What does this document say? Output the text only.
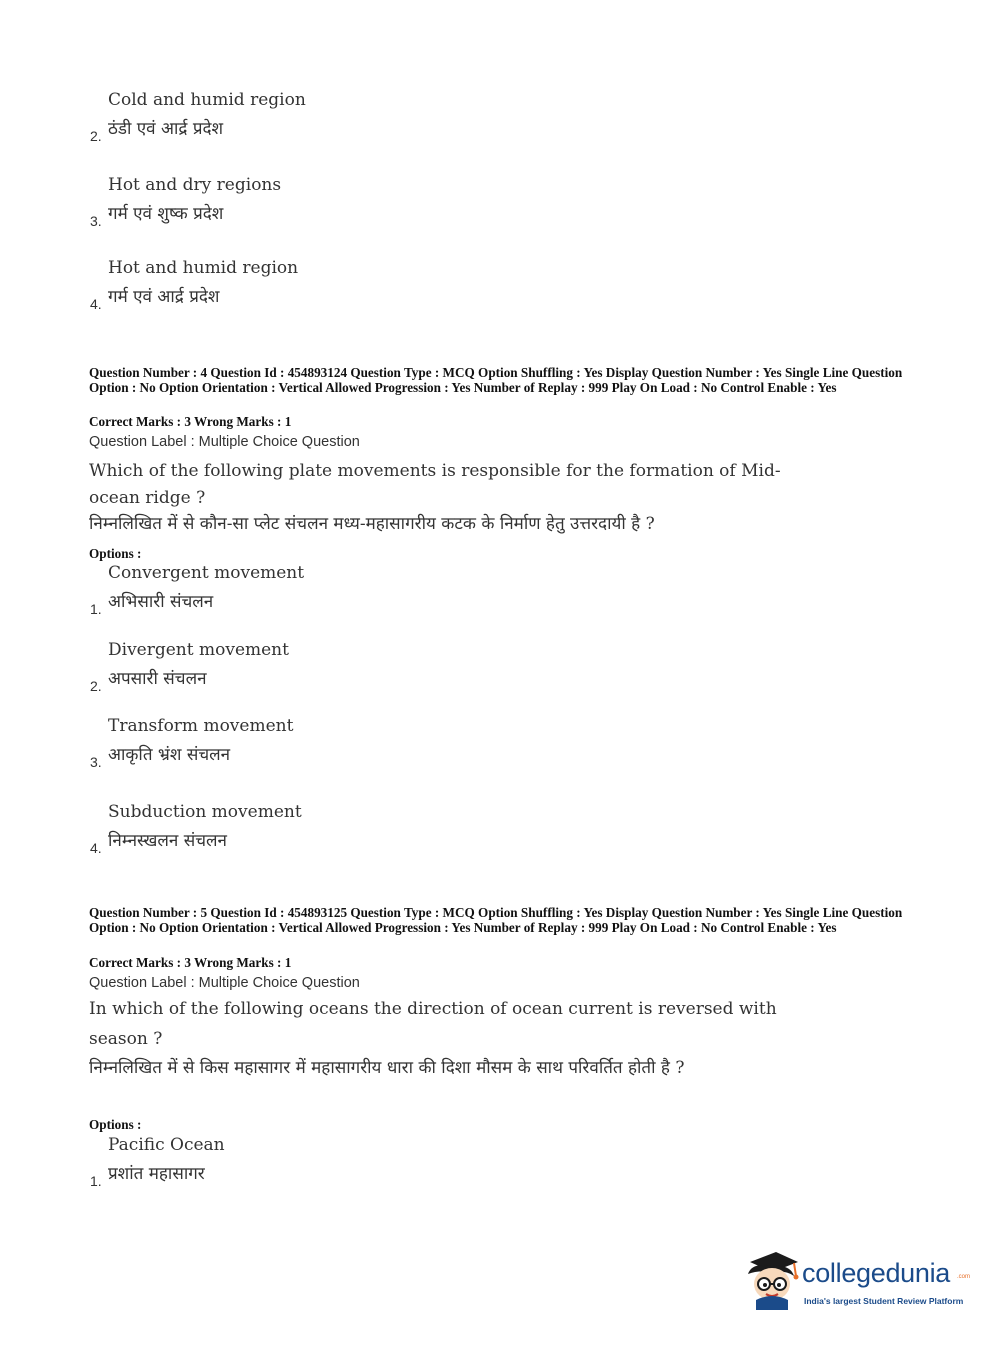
Cold and humid region
ठंडी एवं आर्द्र प्रदेश
2.
Hot and dry regions
गर्म एवं शुष्क प्रदेश
3.
Hot and humid region
गर्म एवं आर्द्र प्रदेश
4.
Question Number : 4 Question Id : 454893124 Question Type : MCQ Option Shuffling : Yes Display Question Number : Yes Single Line Question Option : No Option Orientation : Vertical Allowed Progression : Yes Number of Replay : 999 Play On Load : No Control Enable : Yes
Correct Marks : 3 Wrong Marks : 1
Question Label : Multiple Choice Question
Which of the following plate movements is responsible for the formation of Mid-ocean ridge ?
निम्नलिखित में से कौन-सा प्लेट संचलन मध्य-महासागरीय कटक के निर्माण हेतु उत्तरदायी है ?
Options :
Convergent movement
अभिसारी संचलन
1.
Divergent movement
अपसारी संचलन
2.
Transform movement
आकृति भ्रंश संचलन
3.
Subduction movement
निम्नस्खलन संचलन
4.
Question Number : 5 Question Id : 454893125 Question Type : MCQ Option Shuffling : Yes Display Question Number : Yes Single Line Question Option : No Option Orientation : Vertical Allowed Progression : Yes Number of Replay : 999 Play On Load : No Control Enable : Yes
Correct Marks : 3 Wrong Marks : 1
Question Label : Multiple Choice Question
In which of the following oceans the direction of ocean current is reversed with season ?
निम्नलिखित में से किस महासागर में महासागरीय धारा की दिशा मौसम के साथ परिवर्तित होती है ?
Options :
Pacific Ocean
प्रशांत महासागर
1.
collegedunia .com
India's largest Student Review Platform
